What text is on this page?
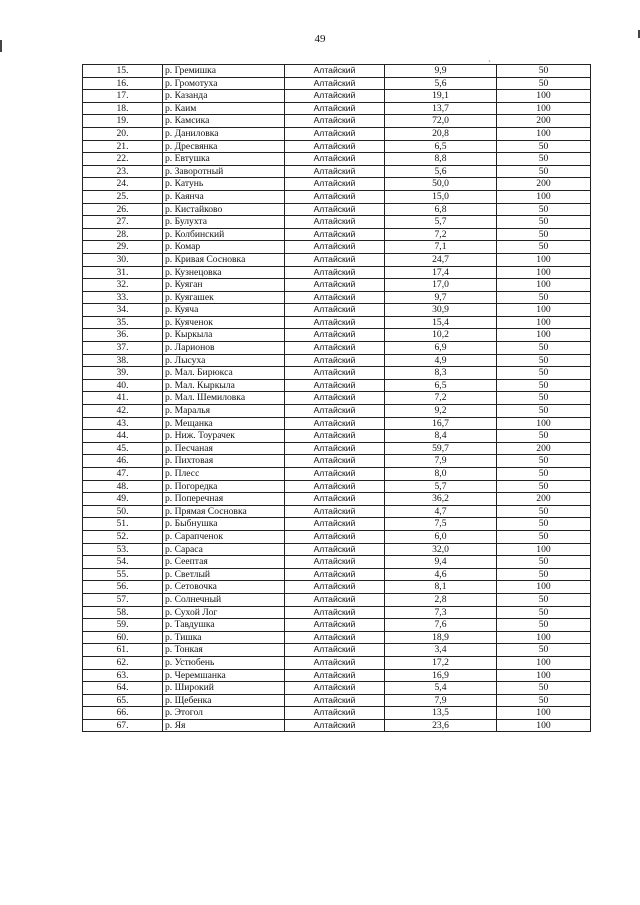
49
ˏ
15.	р. Гремишка	Алтайский	9,9	50
16.	р. Громотуха	Алтайский	5,6	50
17.	р. Казанда	Алтайский	19,1	100
18.	р. Каим	Алтайский	13,7	100
19.	р. Камсика	Алтайский	72,0	200
20.	р. Даниловка	Алтайский	20,8	100
21.	р. Дресвянка	Алтайский	6,5	50
22.	р. Евтушка	Алтайский	8,8	50
23.	р. Заворотный	Алтайский	5,6	50
24.	р. Катунь	Алтайский	50,0	200
25.	р. Каянча	Алтайский	15,0	100
26.	р. Кистайково	Алтайский	6,8	50
27.	р. Булухта	Алтайский	5,7	50
28.	р. Колбинский	Алтайский	7,2	50
29.	р. Комар	Алтайский	7,1	50
30.	р. Кривая Сосновка	Алтайский	24,7	100
31.	р. Кузнецовка	Алтайский	17,4	100
32.	р. Куяган	Алтайский	17,0	100
33.	р. Куягашек	Алтайский	9,7	50
34.	р. Куяча	Алтайский	30,9	100
35.	р. Куяченок	Алтайский	15,4	100
36.	р. Кыркыла	Алтайский	10,2	100
37.	р. Ларионов	Алтайский	6,9	50
38.	р. Лысуха	Алтайский	4,9	50
39.	р. Мал. Бирюкса	Алтайский	8,3	50
40.	р. Мал. Кыркыла	Алтайский	6,5	50
41.	р. Мал. Шемиловка	Алтайский	7,2	50
42.	р. Маралья	Алтайский	9,2	50
43.	р. Мещанка	Алтайский	16,7	100
44.	р. Ниж. Тоурачек	Алтайский	8,4	50
45.	р. Песчаная	Алтайский	59,7	200
46.	р. Пихтовая	Алтайский	7,9	50
47.	р. Плесс	Алтайский	8,0	50
48.	р. Погоредка	Алтайский	5,7	50
49.	р. Поперечная	Алтайский	36,2	200
50.	р. Прямая Сосновка	Алтайский	4,7	50
51.	р. Быбнушка	Алтайский	7,5	50
52.	р. Сарапченок	Алтайский	6,0	50
53.	р. Сараса	Алтайский	32,0	100
54.	р. Сеептая	Алтайский	9,4	50
55.	р. Светлый	Алтайский	4,6	50
56.	р. Сетовочка	Алтайский	8,1	100
57.	р. Солнечный	Алтайский	2,8	50
58.	р. Сухой Лог	Алтайский	7,3	50
59.	р. Тавдушка	Алтайский	7,6	50
60.	р. Тишка	Алтайский	18,9	100
61.	р. Тонкая	Алтайский	3,4	50
62.	р. Устюбень	Алтайский	17,2	100
63.	р. Черемшанка	Алтайский	16,9	100
64.	р. Широкий	Алтайский	5,4	50
65.	р. Щебенка	Алтайский	7,9	50
66.	р. Этогол	Алтайский	13,5	100
67.	р. Яя	Алтайский	23,6	100
